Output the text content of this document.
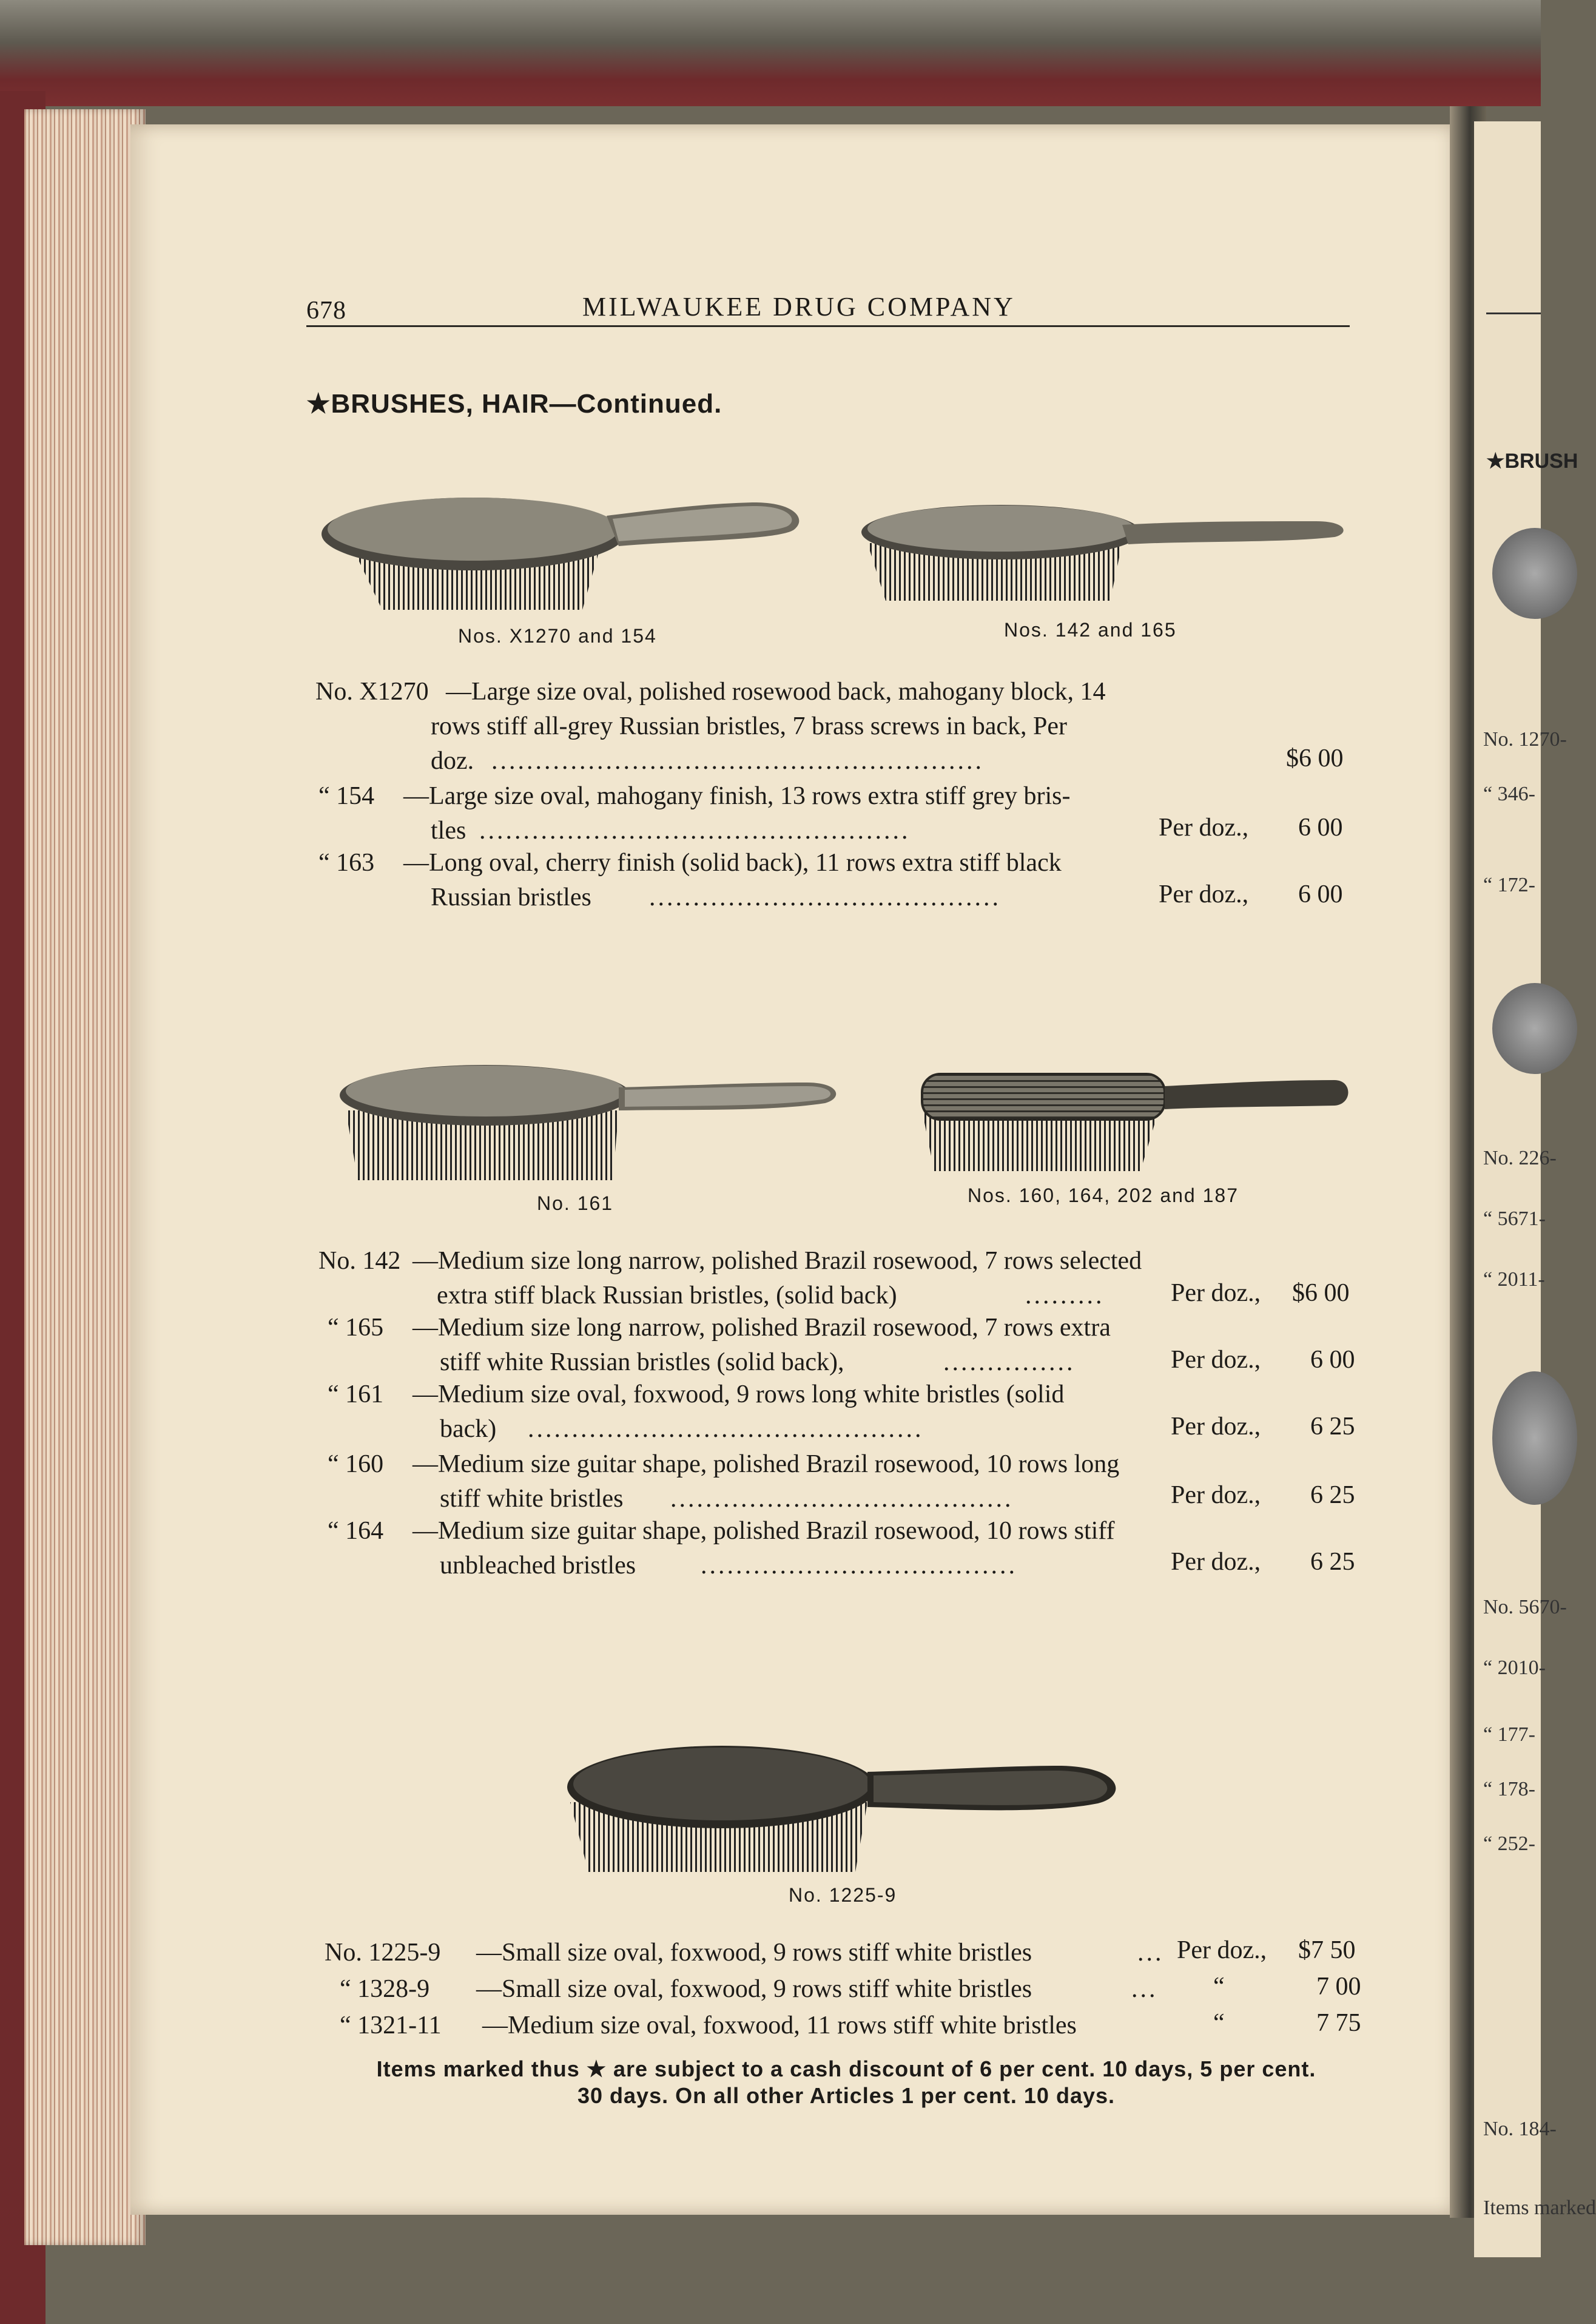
★BRUSH
No. 1270-
“ 346-
“ 172-
No. 226-
“ 5671-
“ 2011-
No. 5670-
“ 2010-
“ 177-
“ 178-
“ 252-
No. 184-
Items marked
678	MILWAUKEE DRUG COMPANY
★BRUSHES, HAIR—Continued.
Nos. X1270 and 154	Nos. 142 and 165
No. X1270 —Large size oval, polished rosewood back, mahogany block, 14
rows stiff all-grey Russian bristles, 7 brass screws in back, Per
doz. ........................................................	$6 00
“ 154 —Large size oval, mahogany finish, 13 rows extra stiff grey bris-
tles .................................................	Per doz., 6 00
“ 163 —Long oval, cherry finish (solid back), 11 rows extra stiff black
Russian bristles ........................................	Per doz., 6 00
No. 161	Nos. 160, 164, 202 and 187
No. 142 —Medium size long narrow, polished Brazil rosewood, 7 rows selected
extra stiff black Russian bristles, (solid back)	.........	Per doz., $6 00
“ 165 —Medium size long narrow, polished Brazil rosewood, 7 rows extra
stiff white Russian bristles (solid back),	...............	Per doz., 6 00
“ 161 —Medium size oval, foxwood, 9 rows long white bristles (solid
back) .............................................	Per doz., 6 25
“ 160 —Medium size guitar shape, polished Brazil rosewood, 10 rows long
stiff white bristles .......................................	Per doz., 6 25
“ 164 —Medium size guitar shape, polished Brazil rosewood, 10 rows stiff
unbleached bristles	....................................	Per doz., 6 25
No. 1225-9
No. 1225-9 —Small size oval, foxwood, 9 rows stiff white bristles	... Per doz., $7 50
“ 1328-9 —Small size oval, foxwood, 9 rows stiff white bristles	... “	7 00
“ 1321-11 —Medium size oval, foxwood, 11 rows stiff white bristles	“	7 75
Items marked thus ★ are subject to a cash discount of 6 per cent. 10 days, 5 per cent.
30 days. On all other Articles 1 per cent. 10 days.
